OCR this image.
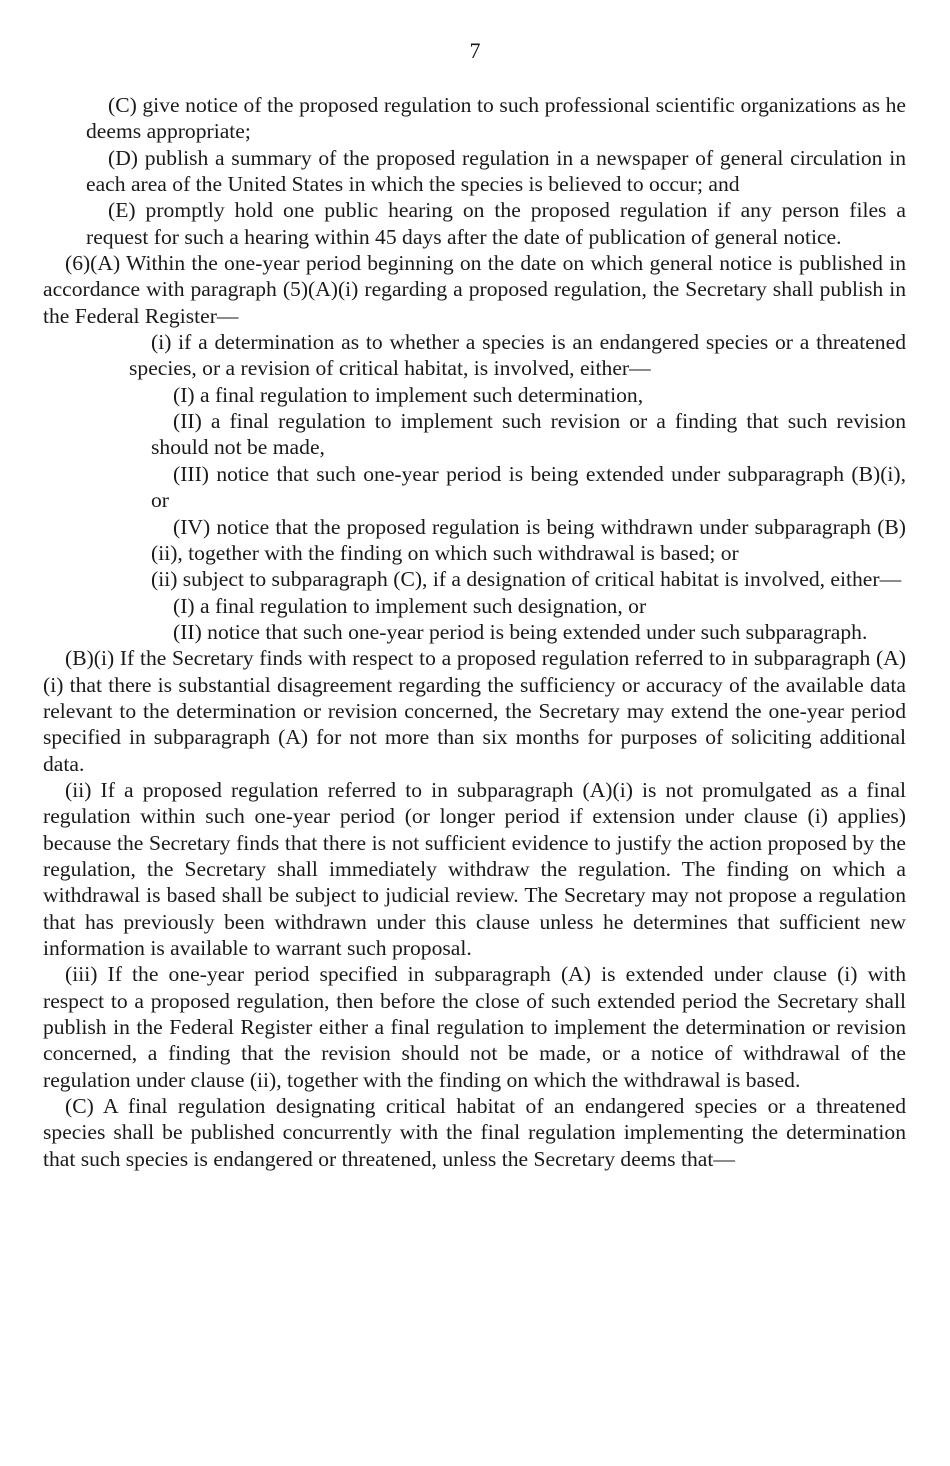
7

(C) give notice of the proposed regulation to such professional scientific organizations as he deems appropriate;

(D) publish a summary of the proposed regulation in a newspaper of general circulation in each area of the United States in which the species is believed to occur; and

(E) promptly hold one public hearing on the proposed regulation if any person files a request for such a hearing within 45 days after the date of publication of general notice.

(6)(A) Within the one-year period beginning on the date on which general notice is published in accordance with paragraph (5)(A)(i) regarding a proposed regulation, the Secretary shall publish in the Federal Register—

(i) if a determination as to whether a species is an endangered species or a threatened species, or a revision of critical habitat, is involved, either—

(I) a final regulation to implement such determination,

(II) a final regulation to implement such revision or a finding that such revision should not be made,

(III) notice that such one-year period is being extended under subparagraph (B)(i), or

(IV) notice that the proposed regulation is being withdrawn under subparagraph (B)(ii), together with the finding on which such withdrawal is based; or

(ii) subject to subparagraph (C), if a designation of critical habitat is involved, either—

(I) a final regulation to implement such designation, or

(II) notice that such one-year period is being extended under such subparagraph.

(B)(i) If the Secretary finds with respect to a proposed regulation referred to in subparagraph (A)(i) that there is substantial disagreement regarding the sufficiency or accuracy of the available data relevant to the determination or revision concerned, the Secretary may extend the one-year period specified in subparagraph (A) for not more than six months for purposes of soliciting additional data.

(ii) If a proposed regulation referred to in subparagraph (A)(i) is not promulgated as a final regulation within such one-year period (or longer period if extension under clause (i) applies) because the Secretary finds that there is not sufficient evidence to justify the action proposed by the regulation, the Secretary shall immediately withdraw the regulation. The finding on which a withdrawal is based shall be subject to judicial review. The Secretary may not propose a regulation that has previously been withdrawn under this clause unless he determines that sufficient new information is available to warrant such proposal.

(iii) If the one-year period specified in subparagraph (A) is extended under clause (i) with respect to a proposed regulation, then before the close of such extended period the Secretary shall publish in the Federal Register either a final regulation to implement the determination or revision concerned, a finding that the revision should not be made, or a notice of withdrawal of the regulation under clause (ii), together with the finding on which the withdrawal is based.

(C) A final regulation designating critical habitat of an endangered species or a threatened species shall be published concurrently with the final regulation implementing the determination that such species is endangered or threatened, unless the Secretary deems that—
